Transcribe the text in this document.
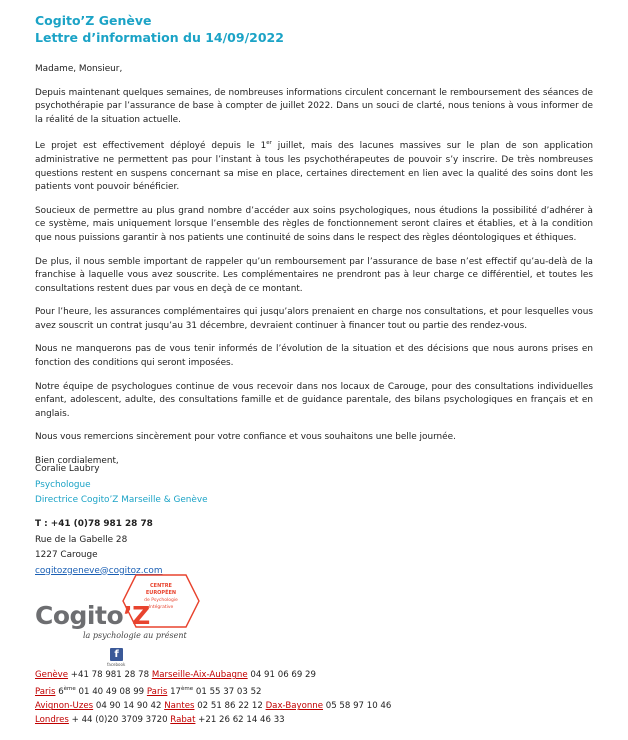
Cogito’Z Genève
Lettre d’information du 14/09/2022

Madame, Monsieur,

Depuis maintenant quelques semaines, de nombreuses informations circulent concernant le remboursement des séances de psychothérapie par l’assurance de base à compter de juillet 2022. Dans un souci de clarté, nous tenions à vous informer de la réalité de la situation actuelle.

Le projet est effectivement déployé depuis le 1er juillet, mais des lacunes massives sur le plan de son application administrative ne permettent pas pour l’instant à tous les psychothérapeutes de pouvoir s’y inscrire. De très nombreuses questions restent en suspens concernant sa mise en place, certaines directement en lien avec la qualité des soins dont les patients vont pouvoir bénéficier.

Soucieux de permettre au plus grand nombre d’accéder aux soins psychologiques, nous étudions la possibilité d’adhérer à ce système, mais uniquement lorsque l’ensemble des règles de fonctionnement seront claires et établies, et à la condition que nous puissions garantir à nos patients une continuité de soins dans le respect des règles déontologiques et éthiques.

De plus, il nous semble important de rappeler qu’un remboursement par l’assurance de base n’est effectif qu’au-delà de la franchise à laquelle vous avez souscrite. Les complémentaires ne prendront pas à leur charge ce différentiel, et toutes les consultations restent dues par vous en deçà de ce montant.

Pour l’heure, les assurances complémentaires qui jusqu’alors prenaient en charge nos consultations, et pour lesquelles vous avez souscrit un contrat jusqu’au 31 décembre, devraient continuer à financer tout ou partie des rendez-vous.

Nous ne manquerons pas de vous tenir informés de l’évolution de la situation et des décisions que nous aurons prises en fonction des conditions qui seront imposées.

Notre équipe de psychologues continue de vous recevoir dans nos locaux de Carouge, pour des consultations individuelles enfant, adolescent, adulte, des consultations famille et de guidance parentale, des bilans psychologiques en français et en anglais.

Nous vous remercions sincèrement pour votre confiance et vous souhaitons une belle journée.

Bien cordialement,

Coralie Laubry
Psychologue
Directrice Cogito’Z Marseille & Genève
T : +41 (0)78 981 28 78
Rue de la Gabelle 28
1227 Carouge
cogitozgeneve@cogitoz.com
CENTRE
EUROPÉEN
de Psychologie
Intégrative
Cogito’Z
la psychologie au présent
f
facebook
Genève +41 78 981 28 78 Marseille-Aix-Aubagne 04 91 06 69 29
Paris 6ème 01 40 49 08 99 Paris 17ème 01 55 37 03 52
Avignon-Uzes 04 90 14 90 42 Nantes 02 51 86 22 12 Dax-Bayonne 05 58 97 10 46
Londres + 44 (0)20 3709 3720 Rabat +21 26 62 14 46 33
